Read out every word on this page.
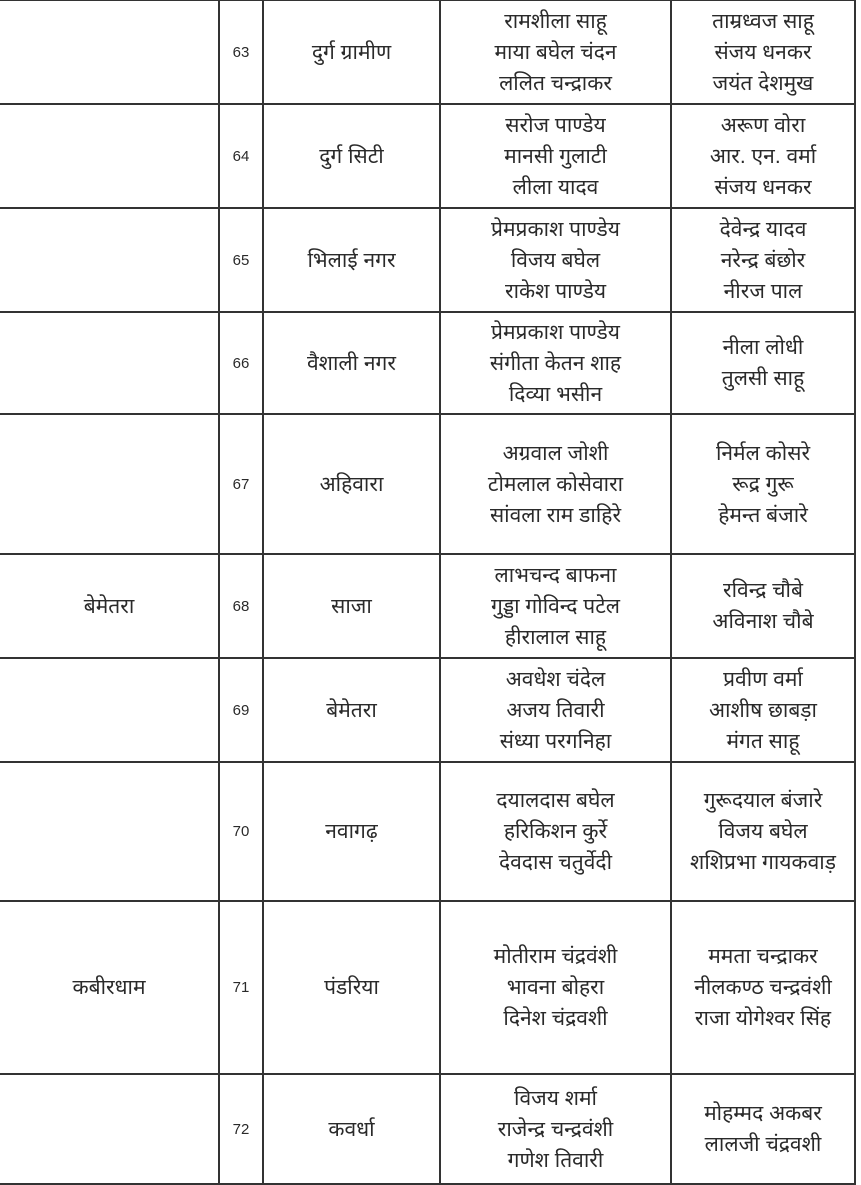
	63	दुर्ग ग्रामीण	रामशीला साहू
माया बघेल चंदन
ललित चन्द्राकर	ताम्रध्वज साहू
संजय धनकर
जयंत देशमुख

	64	दुर्ग सिटी	सरोज पाण्डेय
मानसी गुलाटी
लीला यादव	अरूण वोरा
आर. एन. वर्मा
संजय धनकर

	65	भिलाई नगर	प्रेमप्रकाश पाण्डेय
विजय बघेल
राकेश पाण्डेय	देवेन्द्र यादव
नरेन्द्र बंछोर
नीरज पाल

	66	वैशाली नगर	प्रेमप्रकाश पाण्डेय
संगीता केतन शाह
दिव्या भसीन	नीला लोधी
तुलसी साहू

	67	अहिवारा	अग्रवाल जोशी
टोमलाल कोसेवारा
सांवला राम डाहिरे	निर्मल कोसरे
रूद्र गुरू
हेमन्त बंजारे

बेमेतरा	68	साजा	लाभचन्द बाफना
गुड्डा गोविन्द पटेल
हीरालाल साहू	रविन्द्र चौबे
अविनाश चौबे

	69	बेमेतरा	अवधेश चंदेल
अजय तिवारी
संध्या परगनिहा	प्रवीण वर्मा
आशीष छाबड़ा
मंगत साहू

	70	नवागढ़	दयालदास बघेल
हरिकिशन कुर्रे
देवदास चतुर्वेदी	गुरूदयाल बंजारे
विजय बघेल
शशिप्रभा गायकवाड़

कबीरधाम	71	पंडरिया	मोतीराम चंद्रवंशी
भावना बोहरा
दिनेश चंद्रवशी	ममता चन्द्राकर
नीलकण्ठ चन्द्रवंशी
राजा योगेश्वर सिंह

	72	कवर्धा	विजय शर्मा
राजेन्द्र चन्द्रवंशी
गणेश तिवारी	मोहम्मद अकबर
लालजी चंद्रवशी
